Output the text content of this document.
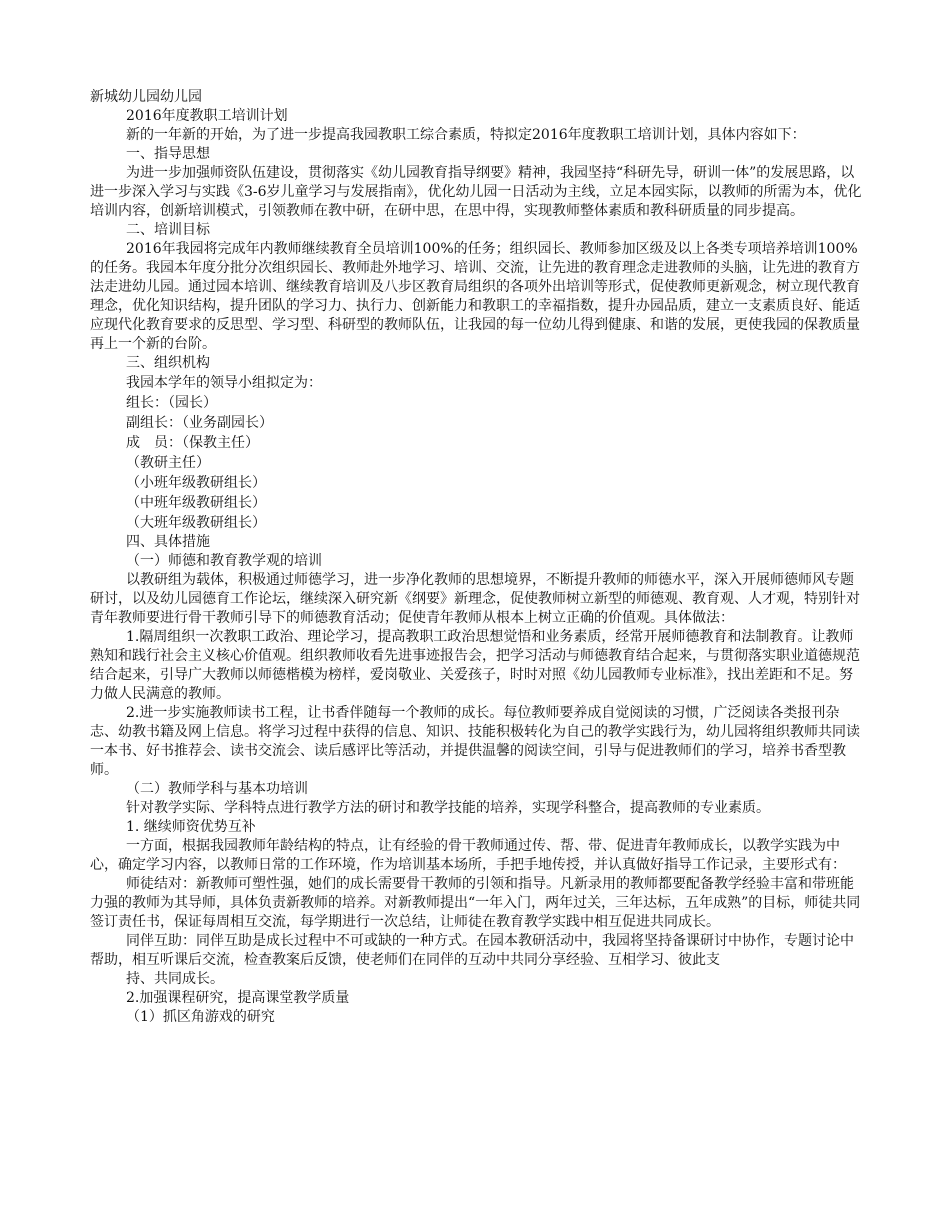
新城幼儿园幼儿园

2016年度教职工培训计划

新的一年新的开始，为了进一步提高我园教职工综合素质，特拟定2016年度教职工培训计划，具体内容如下：

一、指导思想

为进一步加强师资队伍建设，贯彻落实《幼儿园教育指导纲要》精神，我园坚持“科研先导，研训一体”的发展思路，以进一步深入学习与实践《3-6岁儿童学习与发展指南》，优化幼儿园一日活动为主线，立足本园实际，以教师的所需为本，优化培训内容，创新培训模式，引领教师在教中研，在研中思，在思中得，实现教师整体素质和教科研质量的同步提高。

二、培训目标

2016年我园将完成年内教师继续教育全员培训100%的任务；组织园长、教师参加区级及以上各类专项培养培训100%的任务。我园本年度分批分次组织园长、教师赴外地学习、培训、交流，让先进的教育理念走进教师的头脑，让先进的教育方法走进幼儿园。通过园本培训、继续教育培训及八步区教育局组织的各项外出培训等形式，促使教师更新观念，树立现代教育理念，优化知识结构，提升团队的学习力、执行力、创新能力和教职工的幸福指数，提升办园品质，建立一支素质良好、能适应现代化教育要求的反思型、学习型、科研型的教师队伍，让我园的每一位幼儿得到健康、和谐的发展，更使我园的保教质量再上一个新的台阶。

三、组织机构

我园本学年的领导小组拟定为：

组长：（园长）

副组长：（业务副园长）

成　员：（保教主任）

（教研主任）

（小班年级教研组长）

（中班年级教研组长）

（大班年级教研组长）

四、具体措施

（一）师德和教育教学观的培训

以教研组为载体，积极通过师德学习，进一步净化教师的思想境界，不断提升教师的师德水平，深入开展师德师风专题研讨，以及幼儿园德育工作论坛，继续深入研究新《纲要》新理念，促使教师树立新型的师德观、教育观、人才观，特别针对青年教师要进行骨干教师引导下的师德教育活动；促使青年教师从根本上树立正确的价值观。具体做法：

1.隔周组织一次教职工政治、理论学习，提高教职工政治思想觉悟和业务素质，经常开展师德教育和法制教育。让教师熟知和践行社会主义核心价值观。组织教师收看先进事迹报告会，把学习活动与师德教育结合起来，与贯彻落实职业道德规范结合起来，引导广大教师以师德楷模为榜样，爱岗敬业、关爱孩子，时时对照《幼儿园教师专业标准》，找出差距和不足。努力做人民满意的教师。

2.进一步实施教师读书工程，让书香伴随每一个教师的成长。每位教师要养成自觉阅读的习惯，广泛阅读各类报刊杂志、幼教书籍及网上信息。将学习过程中获得的信息、知识、技能积极转化为自己的教学实践行为，幼儿园将组织教师共同读一本书、好书推荐会、读书交流会、读后感评比等活动，并提供温馨的阅读空间，引导与促进教师们的学习，培养书香型教师。

（二）教师学科与基本功培训

针对教学实际、学科特点进行教学方法的研讨和教学技能的培养，实现学科整合，提高教师的专业素质。

1. 继续师资优势互补

一方面，根据我园教师年龄结构的特点，让有经验的骨干教师通过传、帮、带、促进青年教师成长，以教学实践为中心，确定学习内容，以教师日常的工作环境，作为培训基本场所，手把手地传授，并认真做好指导工作记录，主要形式有：

师徒结对：新教师可塑性强，她们的成长需要骨干教师的引领和指导。凡新录用的教师都要配备教学经验丰富和带班能力强的教师为其导师，具体负责新教师的培养。对新教师提出“一年入门，两年过关，三年达标，五年成熟”的目标，师徒共同签订责任书，保证每周相互交流，每学期进行一次总结，让师徒在教育教学实践中相互促进共同成长。

同伴互助：同伴互助是成长过程中不可或缺的一种方式。在园本教研活动中，我园将坚持备课研讨中协作，专题讨论中帮助，相互听课后交流，检查教案后反馈，使老师们在同伴的互动中共同分享经验、互相学习、彼此支

持、共同成长。

2.加强课程研究，提高课堂教学质量

（1）抓区角游戏的研究
